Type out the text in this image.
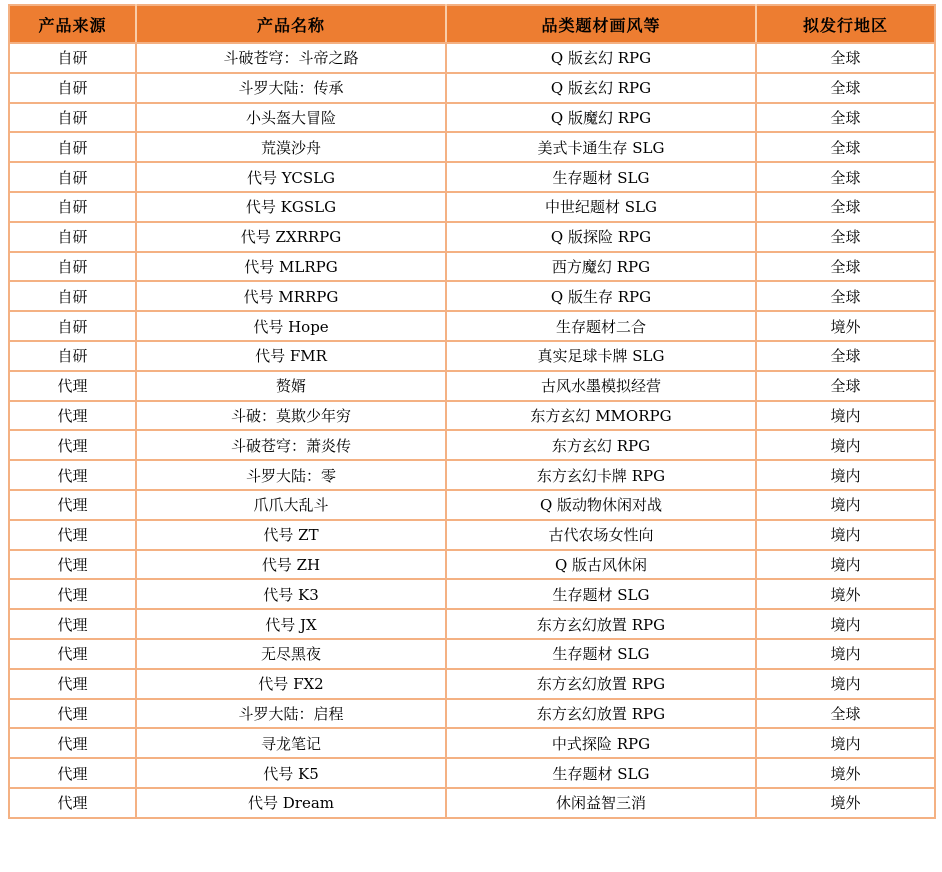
产品来源	产品名称	品类题材画风等	拟发行地区
自研	斗破苍穹：斗帝之路	Q 版玄幻 RPG	全球
自研	斗罗大陆：传承	Q 版玄幻 RPG	全球
自研	小头盔大冒险	Q 版魔幻 RPG	全球
自研	荒漠沙舟	美式卡通生存 SLG	全球
自研	代号 YCSLG	生存题材 SLG	全球
自研	代号 KGSLG	中世纪题材 SLG	全球
自研	代号 ZXRRPG	Q 版探险 RPG	全球
自研	代号 MLRPG	西方魔幻 RPG	全球
自研	代号 MRRPG	Q 版生存 RPG	全球
自研	代号 Hope	生存题材二合	境外
自研	代号 FMR	真实足球卡牌 SLG	全球
代理	赘婿	古风水墨模拟经营	全球
代理	斗破：莫欺少年穷	东方玄幻 MMORPG	境内
代理	斗破苍穹：萧炎传	东方玄幻 RPG	境内
代理	斗罗大陆：零	东方玄幻卡牌 RPG	境内
代理	爪爪大乱斗	Q 版动物休闲对战	境内
代理	代号 ZT	古代农场女性向	境内
代理	代号 ZH	Q 版古风休闲	境内
代理	代号 K3	生存题材 SLG	境外
代理	代号 JX	东方玄幻放置 RPG	境内
代理	无尽黑夜	生存题材 SLG	境内
代理	代号 FX2	东方玄幻放置 RPG	境内
代理	斗罗大陆：启程	东方玄幻放置 RPG	全球
代理	寻龙笔记	中式探险 RPG	境内
代理	代号 K5	生存题材 SLG	境外
代理	代号 Dream	休闲益智三消	境外
